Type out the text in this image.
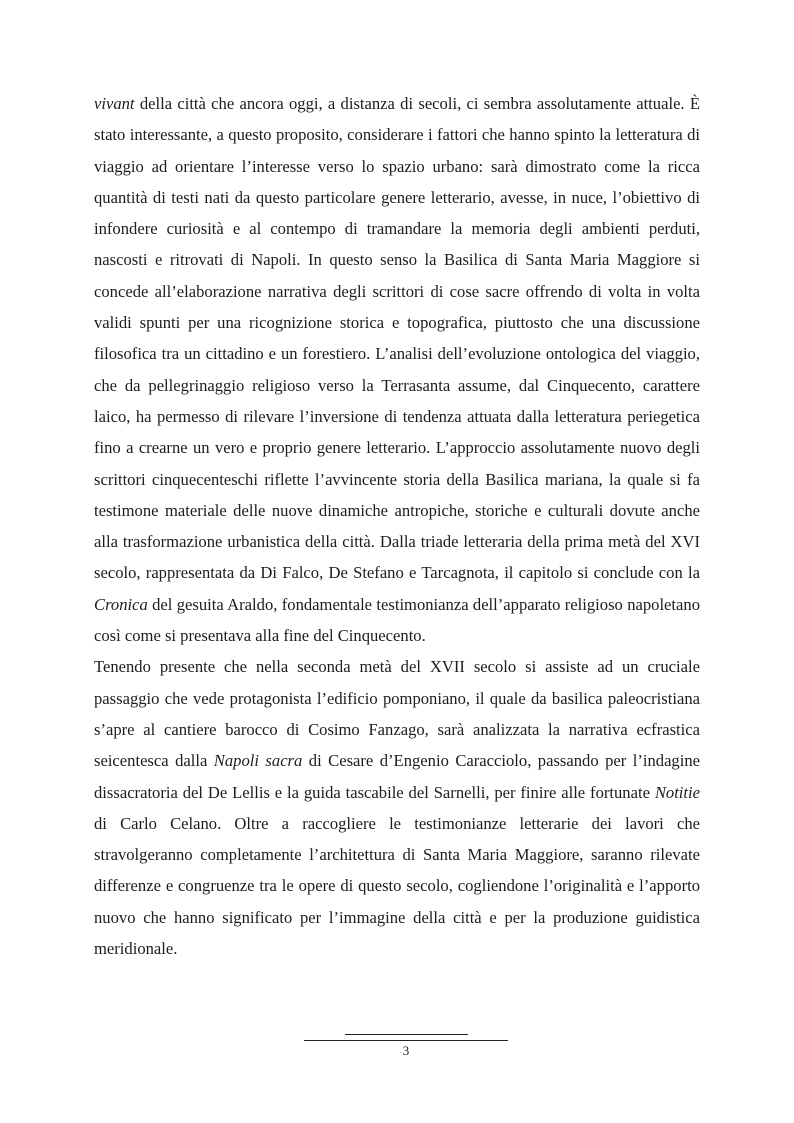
vivant della città che ancora oggi, a distanza di secoli, ci sembra assolutamente attuale. È stato interessante, a questo proposito, considerare i fattori che hanno spinto la letteratura di viaggio ad orientare l’interesse verso lo spazio urbano: sarà dimostrato come la ricca quantità di testi nati da questo particolare genere letterario, avesse, in nuce, l’obiettivo di infondere curiosità e al contempo di tramandare la memoria degli ambienti perduti, nascosti e ritrovati di Napoli. In questo senso la Basilica di Santa Maria Maggiore si concede all’elaborazione narrativa degli scrittori di cose sacre offrendo di volta in volta validi spunti per una ricognizione storica e topografica, piuttosto che una discussione filosofica tra un cittadino e un forestiero. L’analisi dell’evoluzione ontologica del viaggio, che da pellegrinaggio religioso verso la Terrasanta assume, dal Cinquecento, carattere laico, ha permesso di rilevare l’inversione di tendenza attuata dalla letteratura periegetica fino a crearne un vero e proprio genere letterario. L’approccio assolutamente nuovo degli scrittori cinquecenteschi riflette l’avvincente storia della Basilica mariana, la quale si fa testimone materiale delle nuove dinamiche antropiche, storiche e culturali dovute anche alla trasformazione urbanistica della città. Dalla triade letteraria della prima metà del XVI secolo, rappresentata da Di Falco, De Stefano e Tarcagnota, il capitolo si conclude con la Cronica del gesuita Araldo, fondamentale testimonianza dell’apparato religioso napoletano così come si presentava alla fine del Cinquecento.

Tenendo presente che nella seconda metà del XVII secolo si assiste ad un cruciale passaggio che vede protagonista l’edificio pomponiano, il quale da basilica paleocristiana s’apre al cantiere barocco di Cosimo Fanzago, sarà analizzata la narrativa ecfrastica seicentesca dalla Napoli sacra di Cesare d’Engenio Caracciolo, passando per l’indagine dissacratoria del De Lellis e la guida tascabile del Sarnelli, per finire alle fortunate Notitie di Carlo Celano. Oltre a raccogliere le testimonianze letterarie dei lavori che stravolgeranno completamente l’architettura di Santa Maria Maggiore, saranno rilevate differenze e congruenze tra le opere di questo secolo, cogliendone l’originalità e l’apporto nuovo che hanno significato per l’immagine della città e per la produzione guidistica meridionale.

3
